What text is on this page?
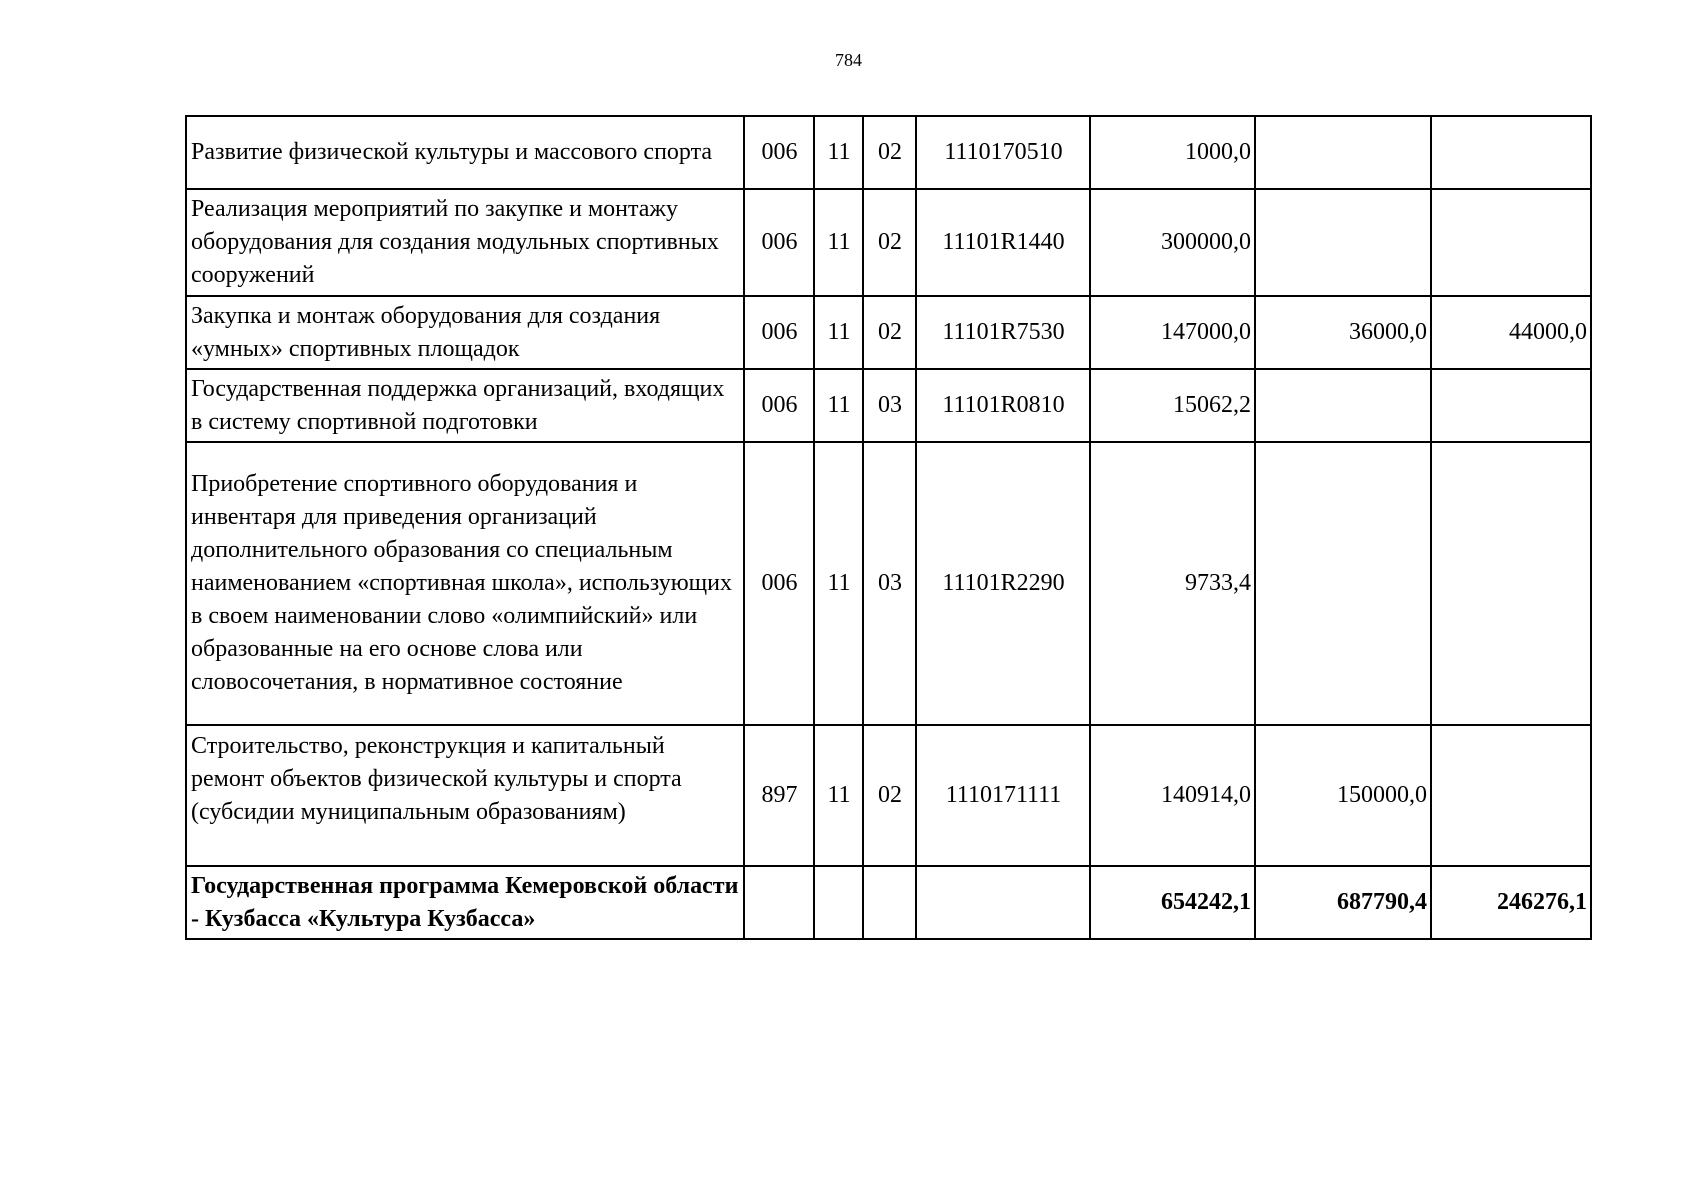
784
Развитие физической культуры и массового спорта	006	11	02	1110170510	1000,0		

Реализация мероприятий по закупке и монтажу оборудования для создания модульных спортивных сооружений	006	11	02	11101R1440	300000,0		

Закупка и монтаж оборудования для создания «умных» спортивных площадок	006	11	02	11101R7530	147000,0	36000,0	44000,0

Государственная поддержка организаций, входящих в систему спортивной подготовки	006	11	03	11101R0810	15062,2		

Приобретение спортивного оборудования и инвентаря для приведения организаций дополнительного образования со специальным наименованием «спортивная школа», использующих в своем наименовании слово «олимпийский» или образованные на его основе слова или словосочетания, в нормативное состояние	006	11	03	11101R2290	9733,4		

Строительство, реконструкция и капитальный ремонт объектов физической культуры и спорта (субсидии муниципальным образованиям)	897	11	02	1110171111	140914,0	150000,0	

Государственная программа Кемеровской области - Кузбасса «Культура Кузбасса»					654242,1	687790,4	246276,1
